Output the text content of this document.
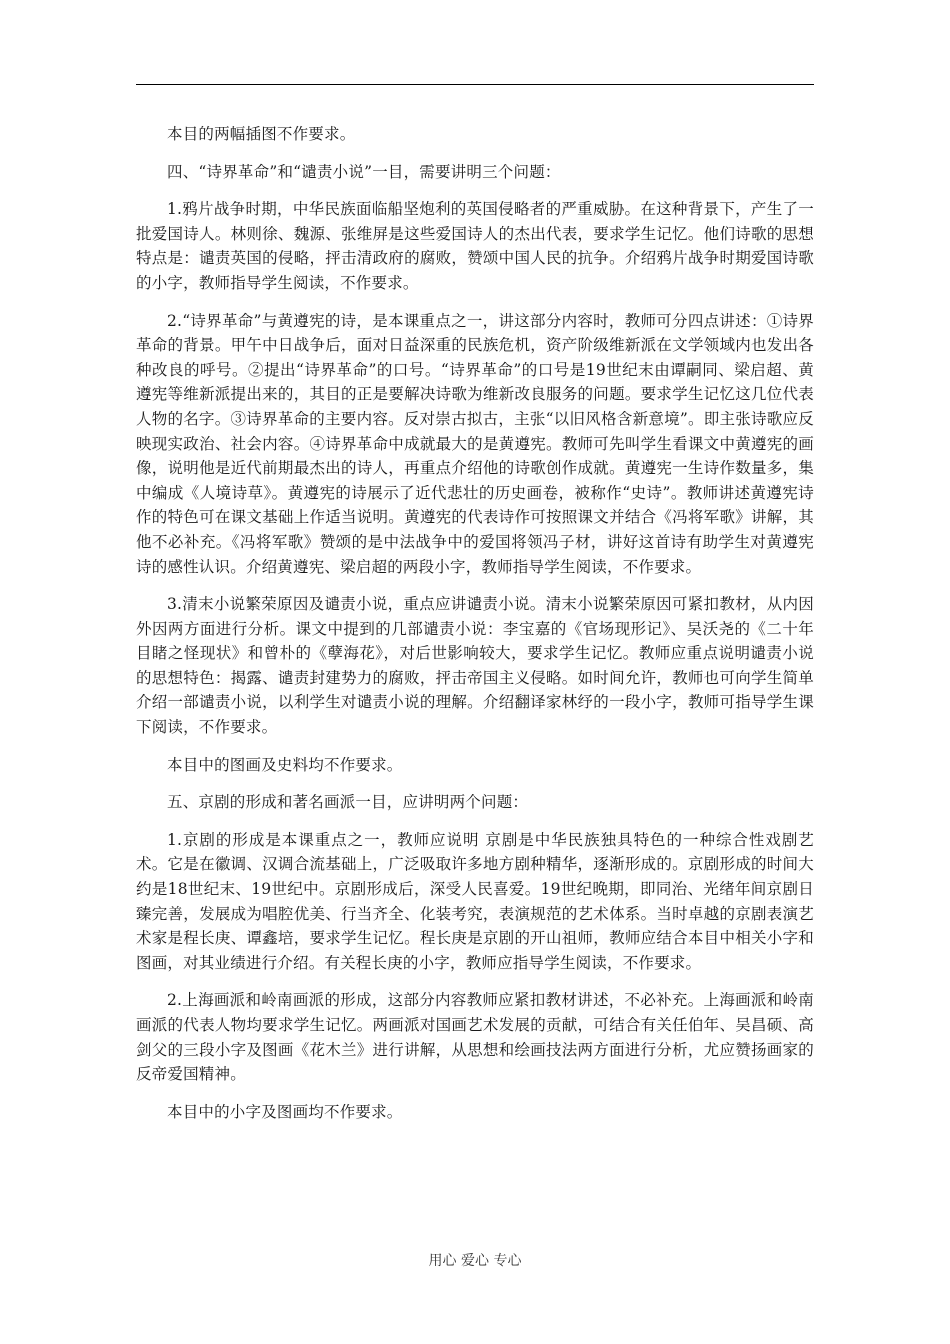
本目的两幅插图不作要求。

四、“诗界革命”和“谴责小说”一目，需要讲明三个问题：

1.鸦片战争时期，中华民族面临船坚炮利的英国侵略者的严重威胁。在这种背景下，产生了一批爱国诗人。林则徐、魏源、张维屏是这些爱国诗人的杰出代表，要求学生记忆。他们诗歌的思想特点是：谴责英国的侵略，抨击清政府的腐败，赞颂中国人民的抗争。介绍鸦片战争时期爱国诗歌的小字，教师指导学生阅读，不作要求。

2.“诗界革命”与黄遵宪的诗，是本课重点之一，讲这部分内容时，教师可分四点讲述：①诗界革命的背景。甲午中日战争后，面对日益深重的民族危机，资产阶级维新派在文学领域内也发出各种改良的呼号。②提出“诗界革命”的口号。“诗界革命”的口号是19世纪末由谭嗣同、梁启超、黄遵宪等维新派提出来的，其目的正是要解决诗歌为维新改良服务的问题。要求学生记忆这几位代表人物的名字。③诗界革命的主要内容。反对崇古拟古，主张“以旧风格含新意境”。即主张诗歌应反映现实政治、社会内容。④诗界革命中成就最大的是黄遵宪。教师可先叫学生看课文中黄遵宪的画像，说明他是近代前期最杰出的诗人，再重点介绍他的诗歌创作成就。黄遵宪一生诗作数量多，集中编成《人境诗草》。黄遵宪的诗展示了近代悲壮的历史画卷，被称作“史诗”。教师讲述黄遵宪诗作的特色可在课文基础上作适当说明。黄遵宪的代表诗作可按照课文并结合《冯将军歌》讲解，其他不必补充。《冯将军歌》赞颂的是中法战争中的爱国将领冯子材，讲好这首诗有助学生对黄遵宪诗的感性认识。介绍黄遵宪、梁启超的两段小字，教师指导学生阅读，不作要求。

3.清末小说繁荣原因及谴责小说，重点应讲谴责小说。清末小说繁荣原因可紧扣教材，从内因外因两方面进行分析。课文中提到的几部谴责小说：李宝嘉的《官场现形记》、吴沃尧的《二十年目睹之怪现状》和曾朴的《孽海花》，对后世影响较大，要求学生记忆。教师应重点说明谴责小说的思想特色：揭露、谴责封建势力的腐败，抨击帝国主义侵略。如时间允许，教师也可向学生简单介绍一部谴责小说，以利学生对谴责小说的理解。介绍翻译家林纾的一段小字，教师可指导学生课下阅读，不作要求。

本目中的图画及史料均不作要求。

五、京剧的形成和著名画派一目，应讲明两个问题：

1.京剧的形成是本课重点之一，教师应说明 京剧是中华民族独具特色的一种综合性戏剧艺术。它是在徽调、汉调合流基础上，广泛吸取许多地方剧种精华，逐渐形成的。京剧形成的时间大约是18世纪末、19世纪中。京剧形成后，深受人民喜爱。19世纪晚期，即同治、光绪年间京剧日臻完善，发展成为唱腔优美、行当齐全、化装考究，表演规范的艺术体系。当时卓越的京剧表演艺术家是程长庚、谭鑫培，要求学生记忆。程长庚是京剧的开山祖师，教师应结合本目中相关小字和图画，对其业绩进行介绍。有关程长庚的小字，教师应指导学生阅读，不作要求。

2.上海画派和岭南画派的形成，这部分内容教师应紧扣教材讲述，不必补充。上海画派和岭南画派的代表人物均要求学生记忆。两画派对国画艺术发展的贡献，可结合有关任伯年、吴昌硕、高剑父的三段小字及图画《花木兰》进行讲解，从思想和绘画技法两方面进行分析，尤应赞扬画家的反帝爱国精神。

本目中的小字及图画均不作要求。

用心 爱心 专心
